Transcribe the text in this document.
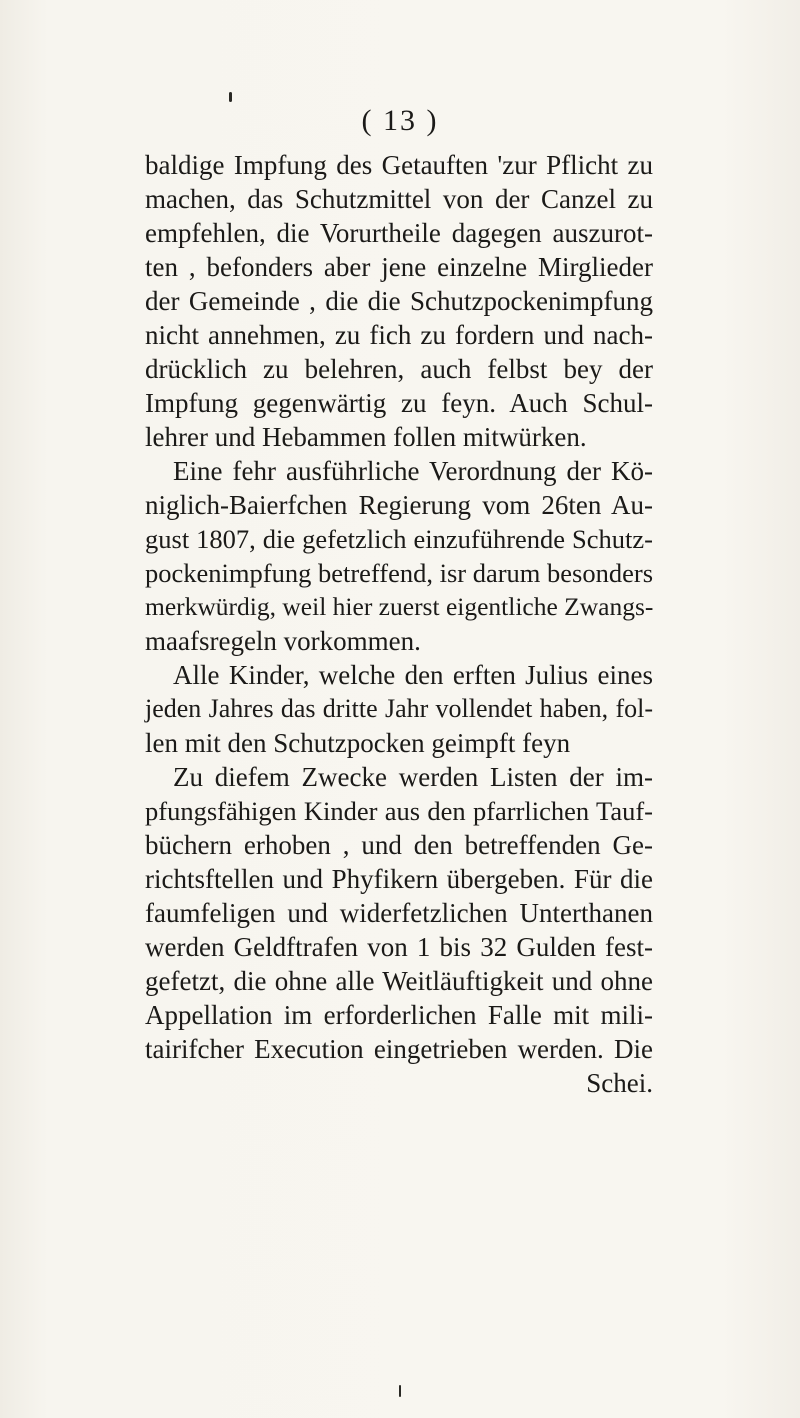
( 13 )
baldige Impfung des Getauften 'zur Pflicht zu
machen, das Schutzmittel von der Canzel zu
empfehlen, die Vorurtheile dagegen auszurot-
ten , befonders aber jene einzelne Mirglieder
der Gemeinde , die die Schutzpockenimpfung
nicht annehmen, zu fich zu fordern und nach-
drücklich zu belehren, auch felbst bey der
Impfung gegenwärtig zu feyn. Auch Schul-
lehrer und Hebammen follen mitwürken.
Eine fehr ausführliche Verordnung der Kö-
niglich-Baierfchen Regierung vom 26ten Au-
gust 1807, die gefetzlich einzuführende Schutz-
pockenimpfung betreffend, isr darum besonders
merkwürdig, weil hier zuerst eigentliche Zwangs-
maafsregeln vorkommen.
Alle Kinder, welche den erften Julius eines
jeden Jahres das dritte Jahr vollendet haben, fol-
len mit den Schutzpocken geimpft feyn
Zu diefem Zwecke werden Listen der im-
pfungsfähigen Kinder aus den pfarrlichen Tauf-
büchern erhoben , und den betreffenden Ge-
richtsftellen und Phyfikern übergeben. Für die
faumfeligen und widerfetzlichen Unterthanen
werden Geldftrafen von 1 bis 32 Gulden fest-
gefetzt, die ohne alle Weitläuftigkeit und ohne
Appellation im erforderlichen Falle mit mili-
tairifcher Execution eingetrieben werden. Die
Schei.
